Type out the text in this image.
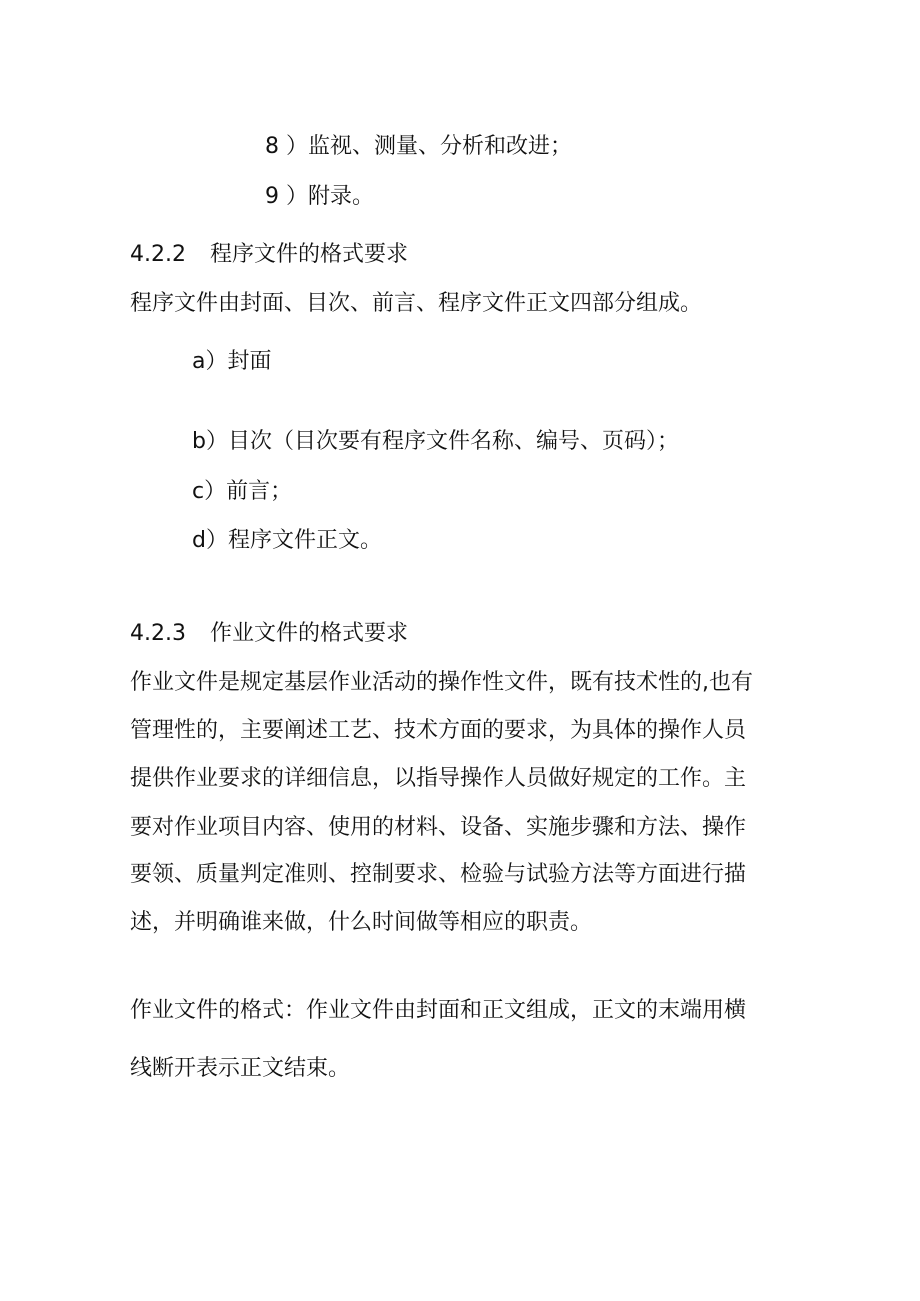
8 ）监视、测量、分析和改进；
9 ）附录。
4.2.2 程序文件的格式要求
程序文件由封面、目次、前言、程序文件正文四部分组成。
a）封面
b）目次（目次要有程序文件名称、编号、页码）；
c）前言；
d）程序文件正文。
4.2.3 作业文件的格式要求
作业文件是规定基层作业活动的操作性文件，既有技术性的,也有
管理性的，主要阐述工艺、技术方面的要求，为具体的操作人员
提供作业要求的详细信息，以指导操作人员做好规定的工作。主
要对作业项目内容、使用的材料、设备、实施步骤和方法、操作
要领、质量判定准则、控制要求、检验与试验方法等方面进行描
述，并明确谁来做，什么时间做等相应的职责。
作业文件的格式：作业文件由封面和正文组成，正文的末端用横
线断开表示正文结束。
